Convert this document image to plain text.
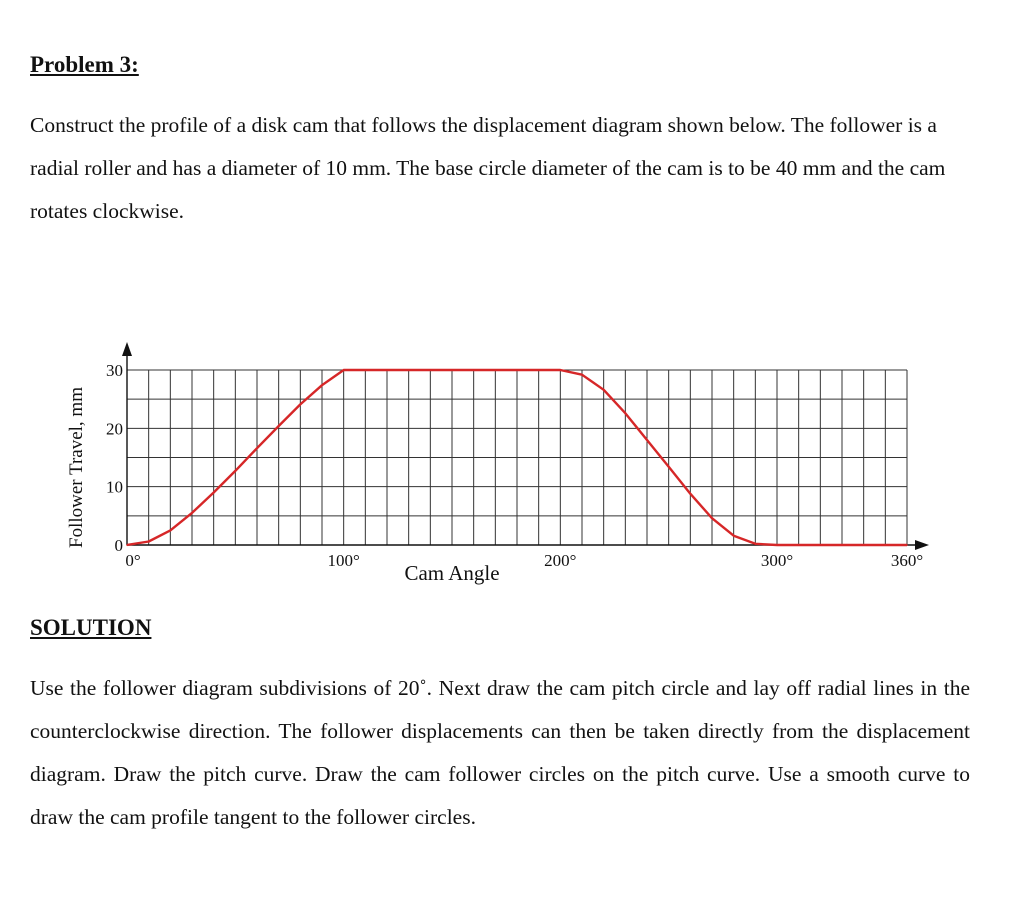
Problem 3:

Construct the profile of a disk cam that follows the displacement diagram shown below. The follower is a radial roller and has a diameter of 10 mm. The base circle diameter of the cam is to be 40 mm and the cam rotates clockwise.

0
10
20
30
0°	100°	200°	300°	360°
Cam Angle
Follower Travel, mm
SOLUTION

Use the follower diagram subdivisions of 20˚. Next draw the cam pitch circle and lay off radial lines in the counterclockwise direction. The follower displacements can then be taken directly from the displacement diagram. Draw the pitch curve. Draw the cam follower circles on the pitch curve. Use a smooth curve to draw the cam profile tangent to the follower circles.
